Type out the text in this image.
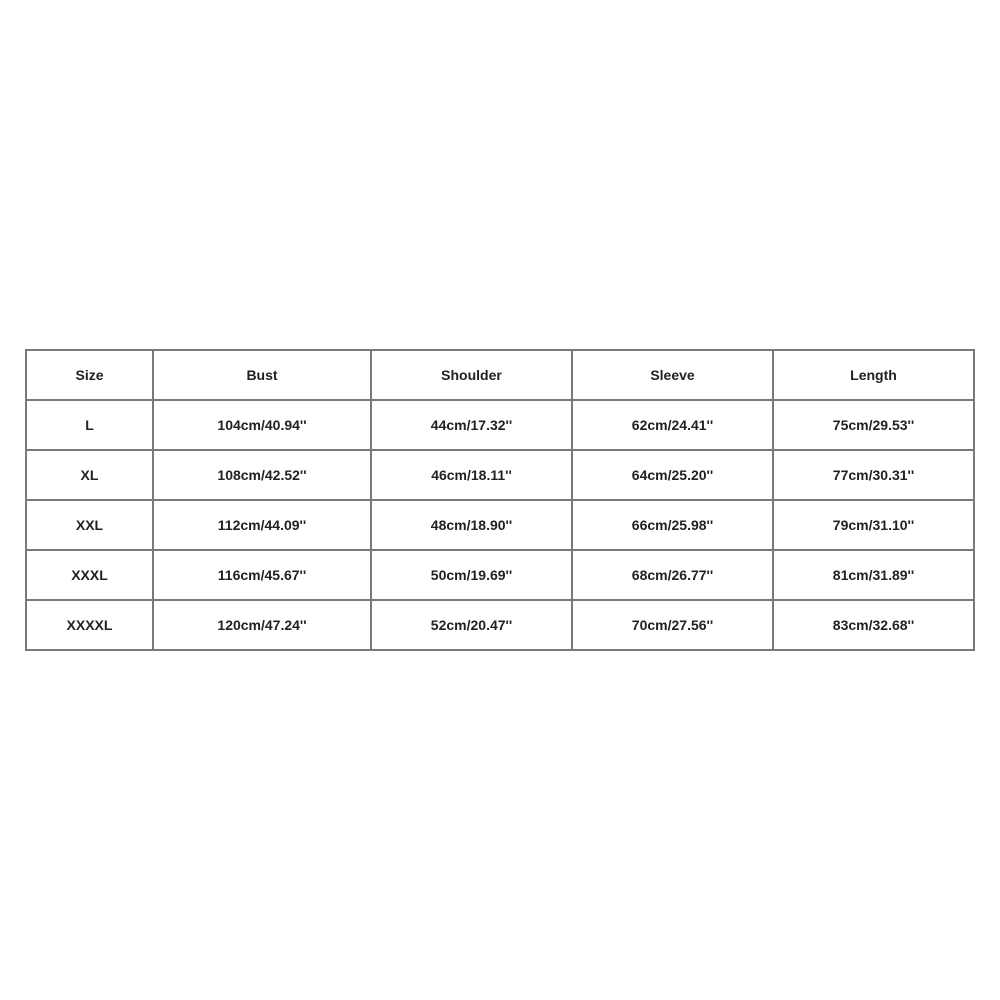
Size	Bust	Shoulder	Sleeve	Length
L	104cm/40.94''	44cm/17.32''	62cm/24.41''	75cm/29.53''
XL	108cm/42.52''	46cm/18.11''	64cm/25.20''	77cm/30.31''
XXL	112cm/44.09''	48cm/18.90''	66cm/25.98''	79cm/31.10''
XXXL	116cm/45.67''	50cm/19.69''	68cm/26.77''	81cm/31.89''
XXXXL	120cm/47.24''	52cm/20.47''	70cm/27.56''	83cm/32.68''
